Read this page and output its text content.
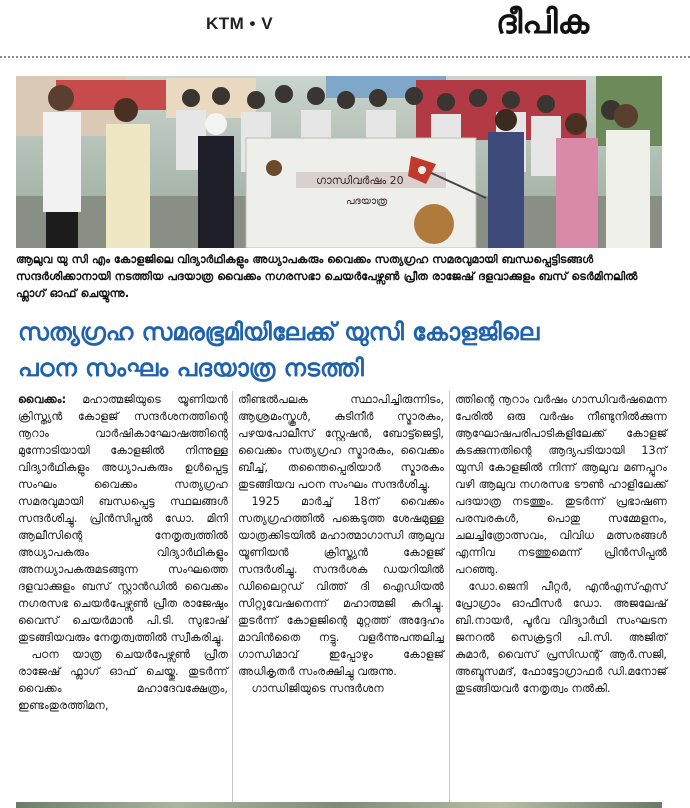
KTM • V	ദീപിക
ഗാന്ധിവർഷം 20
പദയാത്ര
ആലുവ യു സി എം കോളജിലെ വിദ്യാർഥികളും അധ്യാപകരും വൈക്കം സത്യഗ്രഹ സമരവുമായി ബന്ധപ്പെട്ടിടങ്ങൾ സന്ദർശിക്കാനായി നടത്തിയ പദയാത്ര വൈക്കം നഗരസഭാ ചെയർപേഴ്സൺ പ്രീത രാജേഷ് ദളവാക്കുളം ബസ് ടെർമിനലിൽ ഫ്ലാഗ് ഓഫ് ചെയ്യുന്നു.
സത്യഗ്രഹ സമരഭൂമിയിലേക്ക് യുസി കോളജിലെ
പഠന സംഘം പദയാത്ര നടത്തി

വൈക്കം: മഹാത്മജിയുടെ യൂണിയൻ ക്രിസ്ത്യൻ കോളജ് സന്ദർശനത്തിന്റെ നൂറാം വാർഷികാഘോഷത്തിന്റെ മുന്നോടിയായി കോളജിൽ നിന്നുള്ള വിദ്യാർഥികളും അധ്യാപകരും ഉൾപ്പെട്ട സംഘം വൈക്കം സത്യഗ്രഹ സമരവുമായി ബന്ധപ്പെട്ട സ്ഥലങ്ങൾ സന്ദർശിച്ചു. പ്രിൻസിപ്പൽ ഡോ. മിനി ആലീസിന്റെ നേതൃത്വത്തിൽ അധ്യാപകരും വിദ്യാർഥികളും അനധ്യാപകരുമടങ്ങുന്ന സംഘത്തെ ദളവാക്കുളം ബസ് സ്റ്റാൻഡിൽ വൈക്കം നഗരസഭ ചെയർപേഴ്സൺ പ്രീത രാജേഷും വൈസ് ചെയർമാൻ പി.ടി. സുഭാഷ് തുടങ്ങിയവരും നേതൃത്വത്തിൽ സ്വീകരിച്ചു.

പഠന യാത്ര ചെയർപേഴ്സൺ പ്രീത രാജേഷ് ഫ്ലാഗ് ഓഫ് ചെയ്തു. തുടർന്ന് വൈക്കം മഹാദേവക്ഷേത്രം, ഇണ്ടംതുരത്തിമന,

തീണ്ടൽപലക സ്ഥാപിച്ചിരുന്നിടം, ആശ്രമംസ്കൂൾ, കുടിനീർ സ്മാരകം, പഴയപോലീസ് സ്റ്റേഷൻ, ബോട്ട്ജെട്ടി, വൈക്കം സത്യഗ്രഹ സ്മാരകം, വൈക്കം ബീച്ച്, തന്തൈപ്പെരിയാർ സ്മാരകം തുടങ്ങിയവ പഠന സംഘം സന്ദർശിച്ചു.

1925 മാർച്ച് 18ന് വൈക്കം സത്യഗ്രഹത്തിൽ പങ്കെടുത്ത ശേഷമുള്ള യാത്രക്കിടയിൽ മഹാത്മാഗാന്ധി ആലുവ യൂണിയൻ ക്രിസ്ത്യൻ കോളജ് സന്ദർശിച്ചു. സന്ദർശക ഡയറിയിൽ ഡിലൈറ്റഡ് വിത്ത് ദി ഐഡിയൽ സിറ്റുവേഷനെന്ന് മഹാത്മജി കുറിച്ചു. തുടർന്ന് കോളജിന്റെ മുറ്റത്ത് അദ്ദേഹം മാവിൻതൈ നട്ടു. വളർന്നുപന്തലിച്ച ഗാന്ധിമാവ് ഇപ്പോഴും കോളജ് അധികൃതർ സംരക്ഷിച്ചു വരുന്നു.

ഗാന്ധിജിയുടെ സന്ദർശന

ത്തിന്റെ നൂറാം വർഷം ഗാന്ധിവർഷമെന്ന പേരിൽ ഒരു വർഷം നീണ്ടുനിൽക്കുന്ന ആഘോഷപരിപാടികളിലേക്ക് കോളജ് കടക്കുന്നതിന്റെ ആദ്യപടിയായി 13ന് യുസി കോളജിൽ നിന്ന് ആലുവ മണപ്പുറം വഴി ആലുവ നഗരസഭ ടൗൺ ഹാളിലേക്ക് പദയാത്ര നടത്തും. തുടർന്ന് പ്രഭാഷണ പരമ്പരകൾ, പൊതു സമ്മേളനം, ചലച്ചിത്രോത്സവം, വിവിധ മത്സരങ്ങൾ എന്നിവ നടത്തുമെന്ന് പ്രിൻസിപ്പൽ പറഞ്ഞു.

ഡോ.ജെനി പീറ്റർ, എൻഎസ്എസ് പ്രോഗ്രാം ഓഫീസർ ഡോ. അജലേഷ് ബി.നായർ, പൂർവ വിദ്യാർഥി സംഘടന ജനറൽ സെക്രട്ടറി പി.സി. അജിത് കുമാർ, വൈസ് പ്രസിഡന്റ് ആർ.സജി, അബ്ദുസമദ്, ഫോട്ടോഗ്രാഫർ ഡി.മനോജ് തുടങ്ങിയവർ നേതൃത്വം നൽകി.
